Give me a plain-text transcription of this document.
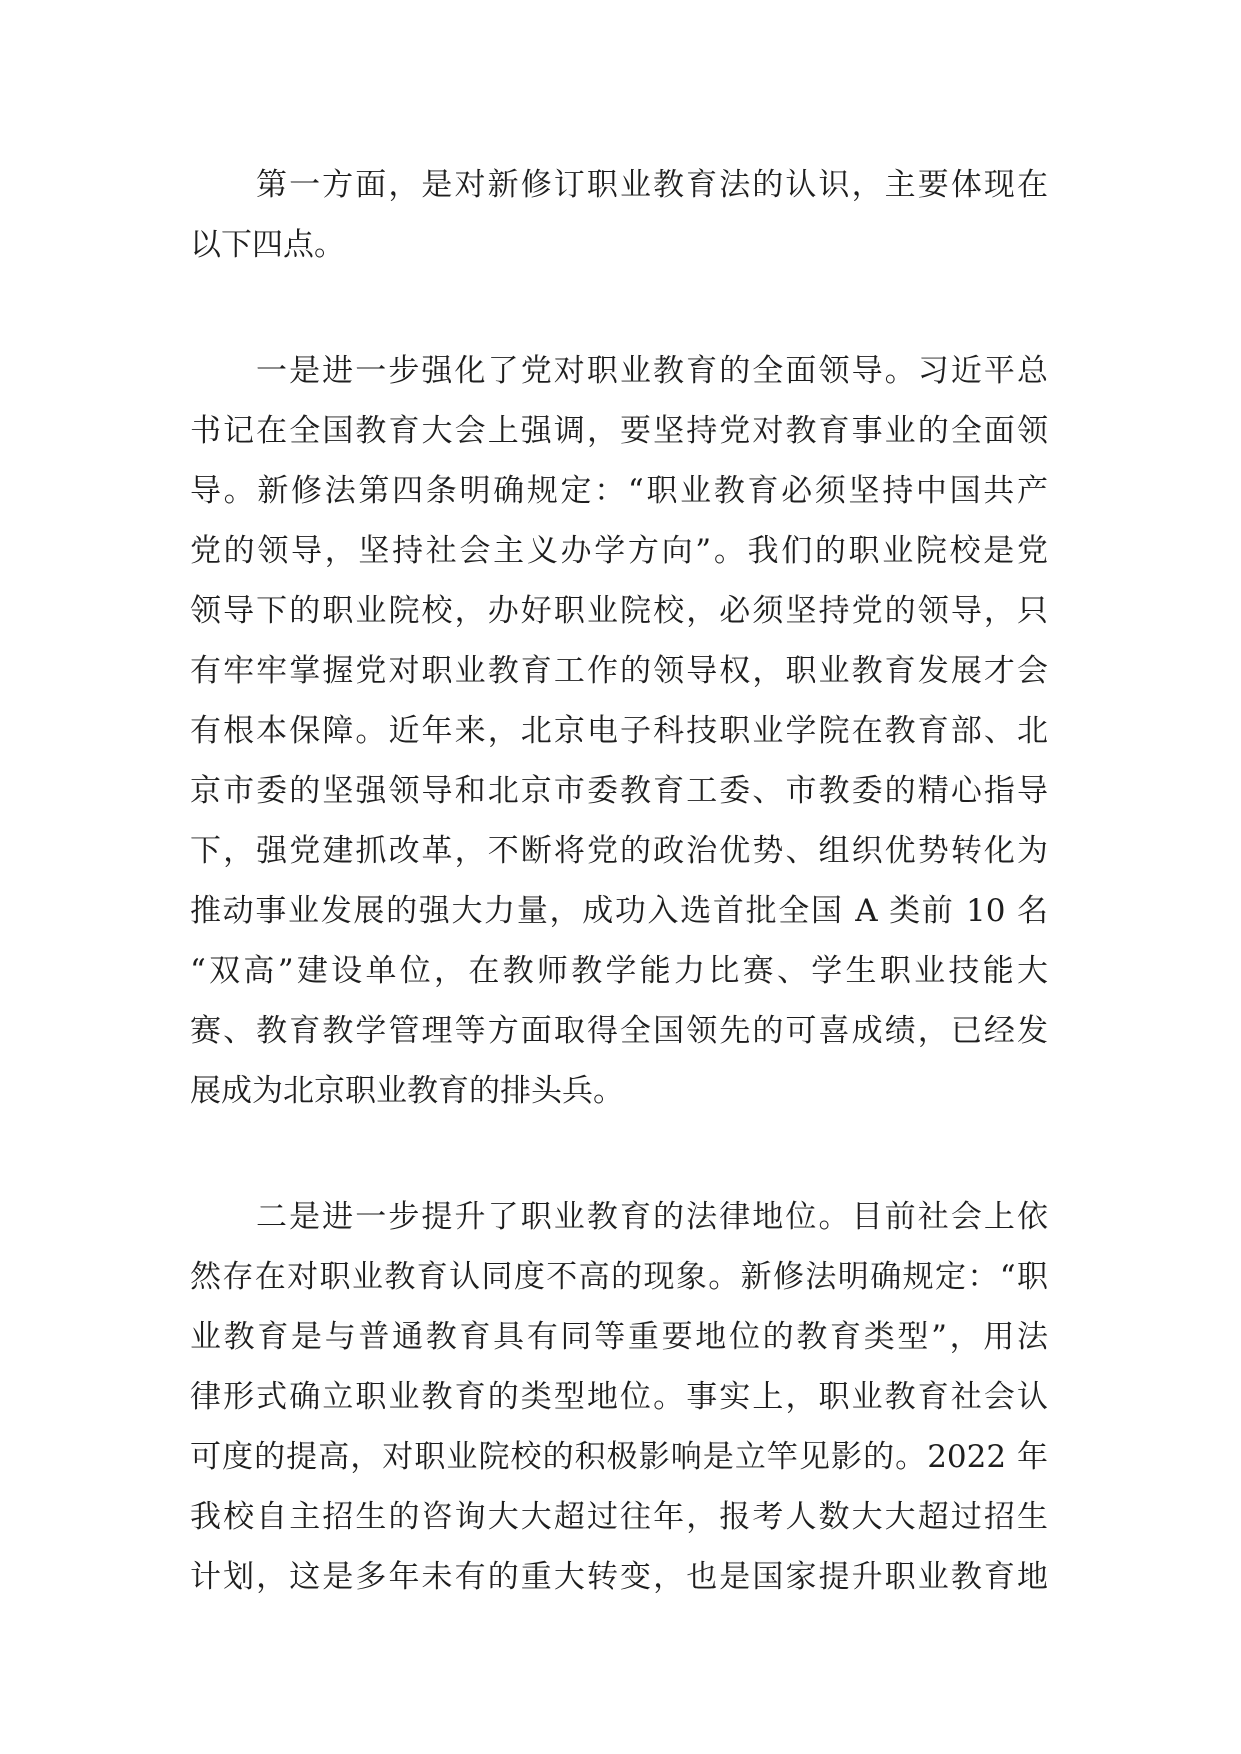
第一方面，是对新修订职业教育法的认识，主要体现在
以下四点。
一是进一步强化了党对职业教育的全面领导。习近平总
书记在全国教育大会上强调，要坚持党对教育事业的全面领
导。新修法第四条明确规定：“职业教育必须坚持中国共产
党的领导，坚持社会主义办学方向”。我们的职业院校是党
领导下的职业院校，办好职业院校，必须坚持党的领导，只
有牢牢掌握党对职业教育工作的领导权，职业教育发展才会
有根本保障。近年来，北京电子科技职业学院在教育部、北
京市委的坚强领导和北京市委教育工委、市教委的精心指导
下，强党建抓改革，不断将党的政治优势、组织优势转化为
推动事业发展的强大力量，成功入选首批全国 A 类前 10 名
“双高”建设单位，在教师教学能力比赛、学生职业技能大
赛、教育教学管理等方面取得全国领先的可喜成绩，已经发
展成为北京职业教育的排头兵。
二是进一步提升了职业教育的法律地位。目前社会上依
然存在对职业教育认同度不高的现象。新修法明确规定：“职
业教育是与普通教育具有同等重要地位的教育类型”，用法
律形式确立职业教育的类型地位。事实上，职业教育社会认
可度的提高，对职业院校的积极影响是立竿见影的。2022 年
我校自主招生的咨询大大超过往年，报考人数大大超过招生
计划，这是多年未有的重大转变，也是国家提升职业教育地
